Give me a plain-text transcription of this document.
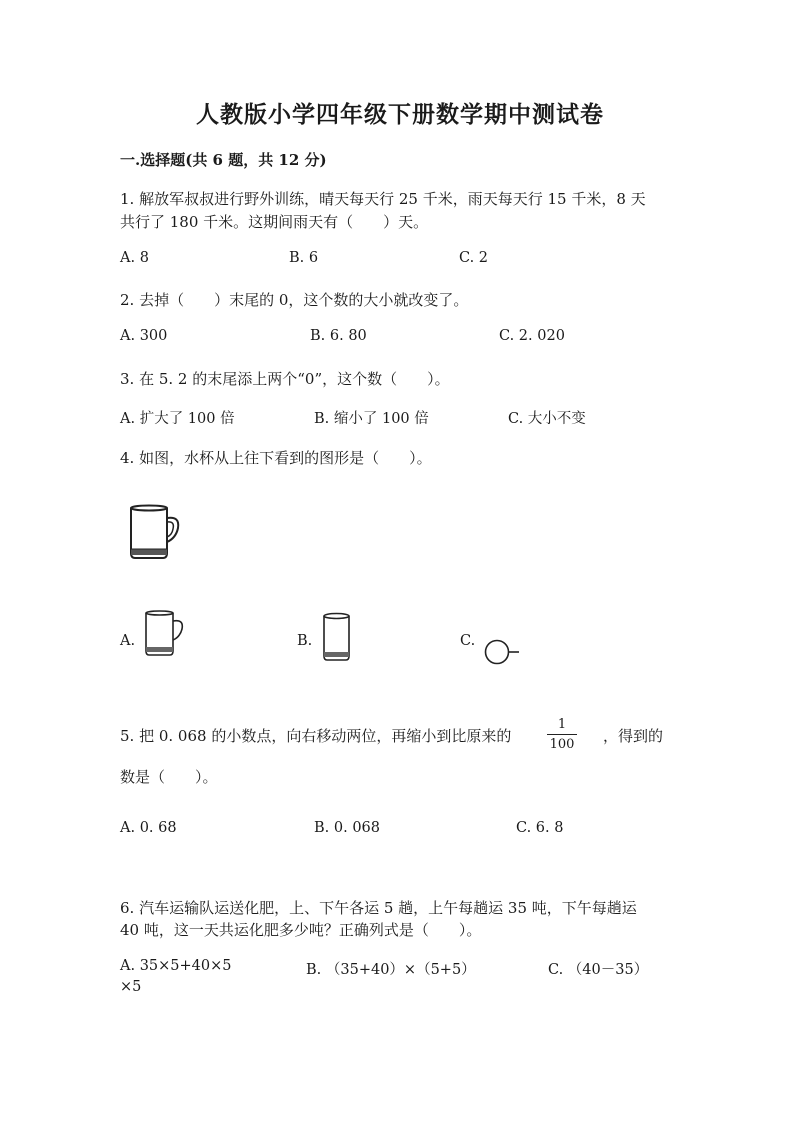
人教版小学四年级下册数学期中测试卷
一.选择题(共 6 题，共 12 分)
1. 解放军叔叔进行野外训练，晴天每天行 25 千米，雨天每天行 15 千米，8 天
共行了 180 千米。这期间雨天有（　　）天。
A. 8	B. 6	C. 2
2. 去掉（　　）末尾的 0，这个数的大小就改变了。
A. 300	B. 6. 80	C. 2. 020
3. 在 5. 2 的末尾添上两个“0”，这个数（　　）。
A. 扩大了 100 倍	B. 缩小了 100 倍	C. 大小不变
4. 如图，水杯从上往下看到的图形是（　　）。
A.	B.	C.
5. 把 0. 068 的小数点，向右移动两位，再缩小到比原来的
1
100 ，得到的
数是（　　）。
A. 0. 68	B. 0. 068	C. 6. 8
6. 汽车运输队运送化肥，上、下午各运 5 趟，上午每趟运 35 吨，下午每趟运
40 吨，这一天共运化肥多少吨？正确列式是（　　）。
A. 35×5+40×5	B. （35+40）×（5+5）	C. （40－35）
×5
